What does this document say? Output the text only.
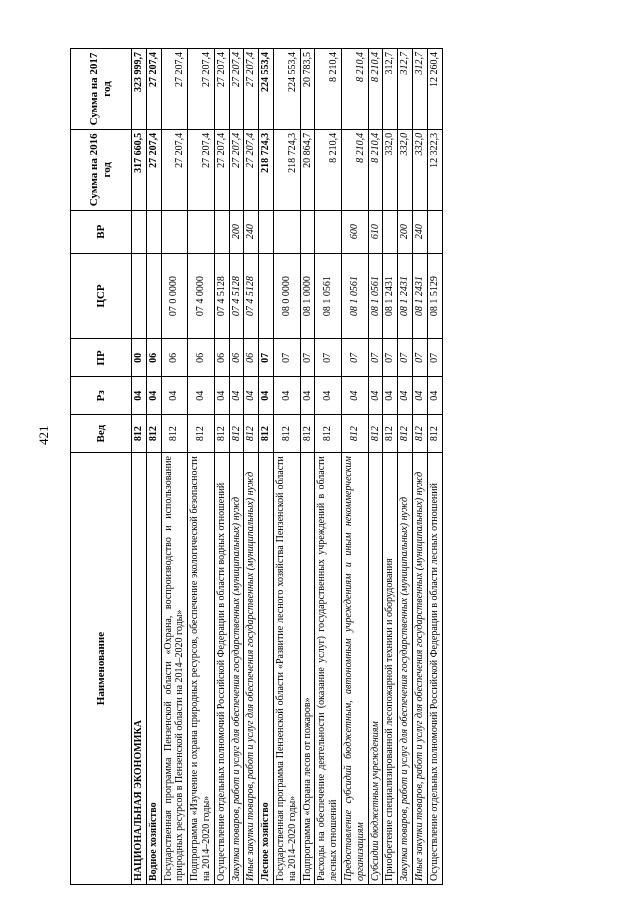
421
Наименование	Вед	Рз	ПР	ЦСР	ВР	Сумма на 2016 год	Сумма на 2017 год
НАЦИОНАЛЬНАЯ ЭКОНОМИКА	812	04	00			317 660,5	323 999,7
Водное хозяйство	812	04	06			27 207,4	27 207,4
Государственная программа Пензенской области «Охрана, воспроизводство и использование природных ресурсов в Пензенской области на 2014–2020 годы»	812	04	06	07 0 0000		27 207,4	27 207,4
Подпрограмма «Изучение и охрана природных ресурсов, обеспечение экологической безопасности на 2014–2020 годы»	812	04	06	07 4 0000		27 207,4	27 207,4
Осуществление отдельных полномочий Российской Федерации в области водных отношений	812	04	06	07 4 5128		27 207,4	27 207,4
Закупка товаров, работ и услуг для обеспечения государственных (муниципальных) нужд	812	04	06	07 4 5128	200	27 207,4	27 207,4
Иные закупки товаров, работ и услуг для обеспечения государственных (муниципальных) нужд	812	04	06	07 4 5128	240	27 207,4	27 207,4
Лесное хозяйство	812	04	07			218 724,3	224 553,4
Государственная программа Пензенской области «Развитие лесного хозяйства Пензенской области на 2014–2020 годы»	812	04	07	08 0 0000		218 724,3	224 553,4
Подпрограмма «Охрана лесов от пожаров»	812	04	07	08 1 0000		20 864,7	20 783,5
Расходы на обеспечение деятельности (оказание услуг) государственных учреждений в области лесных отношений	812	04	07	08 1 0561		8 210,4	8 210,4
Предоставление субсидий бюджетным, автономным учреждениям и иным некоммерческим организациям	812	04	07	08 1 0561	600	8 210,4	8 210,4
Субсидии бюджетным учреждениям	812	04	07	08 1 0561	610	8 210,4	8 210,4
Приобретение специализированной лесопожарной техники и оборудования	812	04	07	08 1 2431		332,0	312,7
Закупка товаров, работ и услуг для обеспечения государственных (муниципальных) нужд	812	04	07	08 1 2431	200	332,0	312,7
Иные закупки товаров, работ и услуг для обеспечения государственных (муниципальных) нужд	812	04	07	08 1 2431	240	332,0	312,7
Осуществление отдельных полномочий Российской Федерации в области лесных отношений	812	04	07	08 1 5129		12 322,3	12 260,4
